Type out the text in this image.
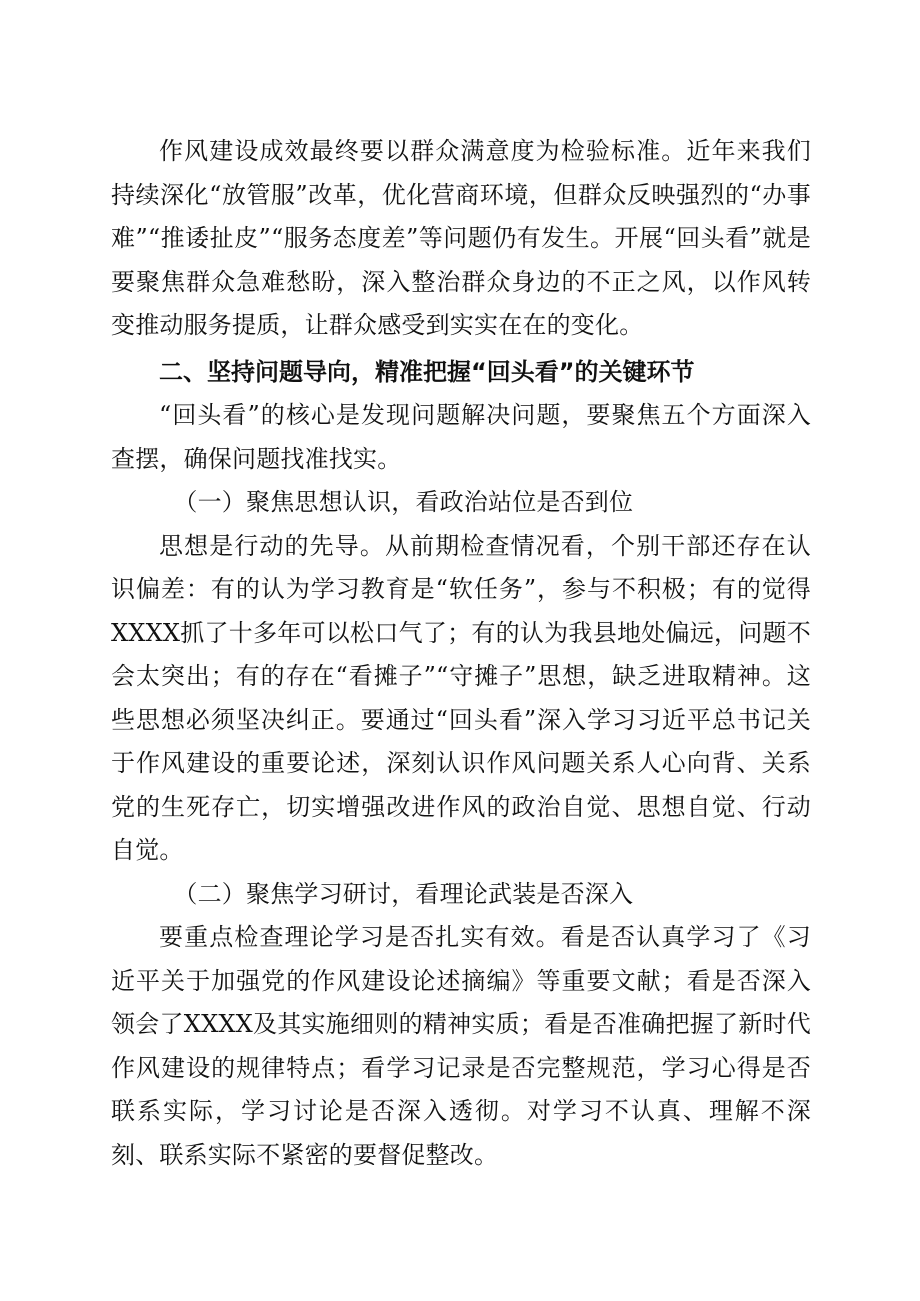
作风建设成效最终要以群众满意度为检验标准。近年来我们持续深化“放管服”改革，优化营商环境，但群众反映强烈的“办事难”“推诿扯皮”“服务态度差”等问题仍有发生。开展“回头看”就是要聚焦群众急难愁盼，深入整治群众身边的不正之风，以作风转变推动服务提质，让群众感受到实实在在的变化。

二、坚持问题导向，精准把握“回头看”的关键环节

“回头看”的核心是发现问题解决问题，要聚焦五个方面深入查摆，确保问题找准找实。

（一）聚焦思想认识，看政治站位是否到位

思想是行动的先导。从前期检查情况看，个别干部还存在认识偏差：有的认为学习教育是“软任务”，参与不积极；有的觉得XXXX抓了十多年可以松口气了；有的认为我县地处偏远，问题不会太突出；有的存在“看摊子”“守摊子”思想，缺乏进取精神。这些思想必须坚决纠正。要通过“回头看”深入学习习近平总书记关于作风建设的重要论述，深刻认识作风问题关系人心向背、关系党的生死存亡，切实增强改进作风的政治自觉、思想自觉、行动自觉。

（二）聚焦学习研讨，看理论武装是否深入

要重点检查理论学习是否扎实有效。看是否认真学习了《习近平关于加强党的作风建设论述摘编》等重要文献；看是否深入领会了XXXX及其实施细则的精神实质；看是否准确把握了新时代作风建设的规律特点；看学习记录是否完整规范，学习心得是否联系实际，学习讨论是否深入透彻。对学习不认真、理解不深刻、联系实际不紧密的要督促整改。
